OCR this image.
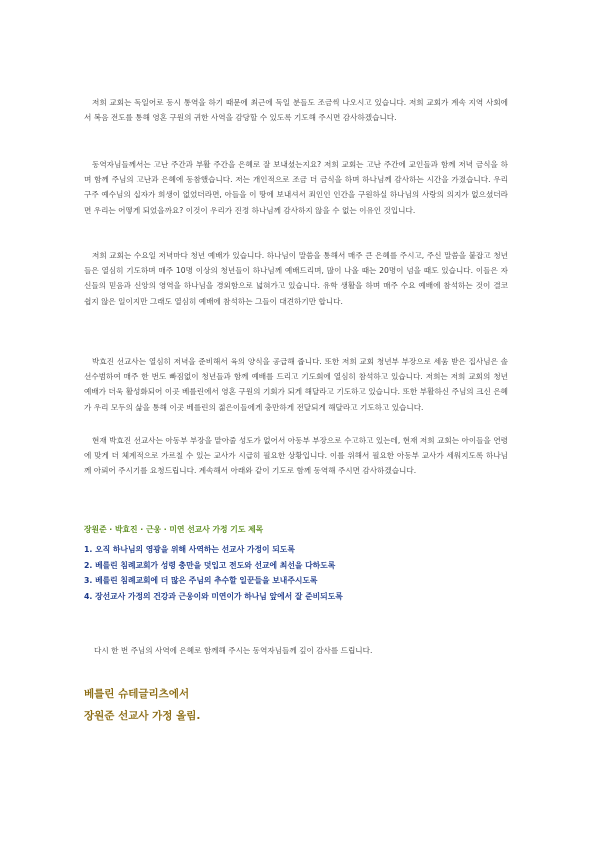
저희 교회는 독일어로 동시 통역을 하기 때문에 최근에 독일 분들도 조금씩 나오시고 있습니다. 저희 교회가 계속 지역 사회에서 복음 전도를 통해 영혼 구원의 귀한 사역을 감당할 수 있도록 기도해 주시면 감사하겠습니다.

동역자님들께서는 고난 주간과 부활 주간을 은혜로 잘 보내셨는지요? 저희 교회는 고난 주간에 교인들과 함께 저녁 금식을 하며 함께 주님의 고난과 은혜에 동참했습니다. 저는 개인적으로 조금 더 금식을 하며 하나님께 감사하는 시간을 가졌습니다. 우리 구주 예수님의 십자가 희생이 없었더라면, 아들을 이 땅에 보내셔서 죄인인 인간을 구원하실 하나님의 사랑의 의지가 없으셨더라면 우리는 어떻게 되었을까요? 이것이 우리가 진정 하나님께 감사하지 않을 수 없는 이유인 것입니다.

저희 교회는 수요일 저녁마다 청년 예배가 있습니다. 하나님이 말씀을 통해서 매주 큰 은혜를 주시고, 주신 말씀을 붙잡고 청년들은 열심히 기도하며 매주 10명 이상의 청년들이 하나님께 예배드리며, 많이 나올 때는 20명이 넘을 때도 있습니다. 이들은 자신들의 믿음과 신앙의 영역을 하나님을 경외함으로 넓혀가고 있습니다. 유학 생활을 하며 매주 수요 예배에 참석하는 것이 결코 쉽지 않은 일이지만 그래도 열심히 예배에 참석하는 그들이 대견하기만 합니다.

박효진 선교사는 열심히 저녁을 준비해서 육의 양식을 공급해 줍니다. 또한 저희 교회 청년부 부장으로 세움 받은 집사님은 솔선수범하여 매주 한 번도 빠짐없이 청년들과 함께 예배를 드리고 기도회에 열심히 참석하고 있습니다. 저희는 저희 교회의 청년 예배가 더욱 활성화되어 이곳 베를린에서 영혼 구원의 기회가 되게 해달라고 기도하고 있습니다. 또한 부활하신 주님의 크신 은혜가 우리 모두의 삶을 통해 이곳 베를린의 젊은이들에게 충만하게 전달되게 해달라고 기도하고 있습니다.

현재 박효진 선교사는 아동부 부장을 맡아줄 성도가 없어서 아동부 부장으로 수고하고 있는데, 현재 저희 교회는 아이들을 연령에 맞게 더 체계적으로 가르칠 수 있는 교사가 시급히 필요한 상황입니다. 이를 위해서 필요한 아동부 교사가 세워지도록 하나님께 아뢰어 주시기를 요청드립니다. 계속해서 아래와 같이 기도로 함께 동역해 주시면 감사하겠습니다.

장원준 · 박효진 · 근웅 · 미연 선교사 가정 기도 제목

1. 오직 하나님의 영광을 위해 사역하는 선교사 가정이 되도록
2. 베를린 침례교회가 성령 충만을 덧입고 전도와 선교에 최선을 다하도록
3. 베를린 침례교회에 더 많은 주님의 추수할 일꾼들을 보내주시도록
4. 장선교사 가정의 건강과 근웅이와 미연이가 하나님 앞에서 잘 준비되도록

다시 한 번 주님의 사역에 은혜로 함께해 주시는 동역자님들께 깊이 감사를 드립니다.

베를린 슈테글리츠에서

장원준 선교사 가정 올림.
